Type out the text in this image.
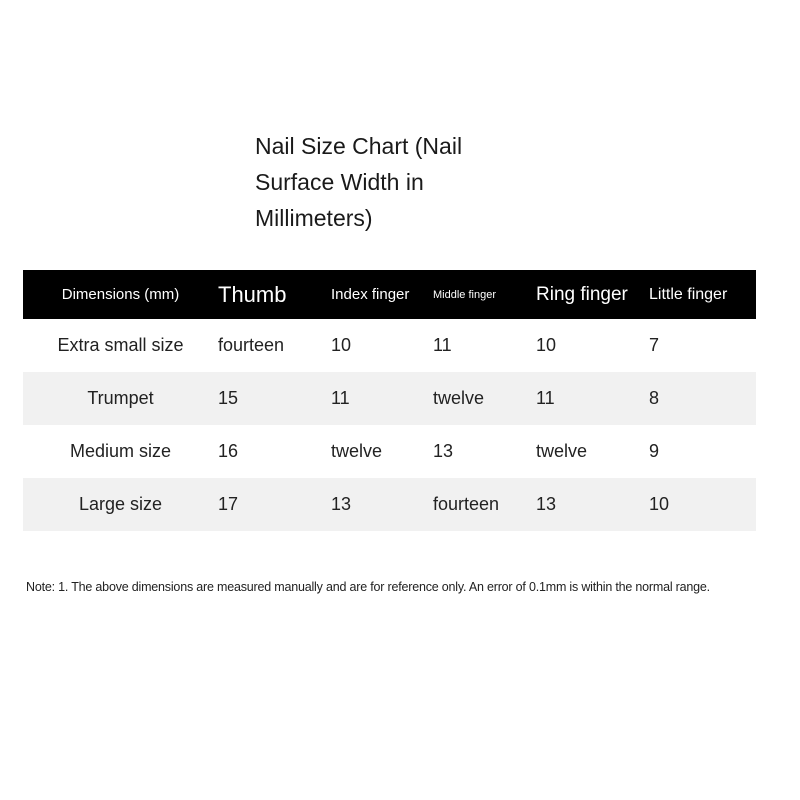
Nail Size Chart (Nail Surface Width in Millimeters)
Dimensions (mm)	Thumb	Index finger	Middle finger	Ring finger	Little finger
Extra small size	fourteen	10	11	10	7
Trumpet	15	11	twelve	11	8
Medium size	16	twelve	13	twelve	9
Large size	17	13	fourteen	13	10
Note: 1. The above dimensions are measured manually and are for reference only. An error of 0.1mm is within the normal range.
